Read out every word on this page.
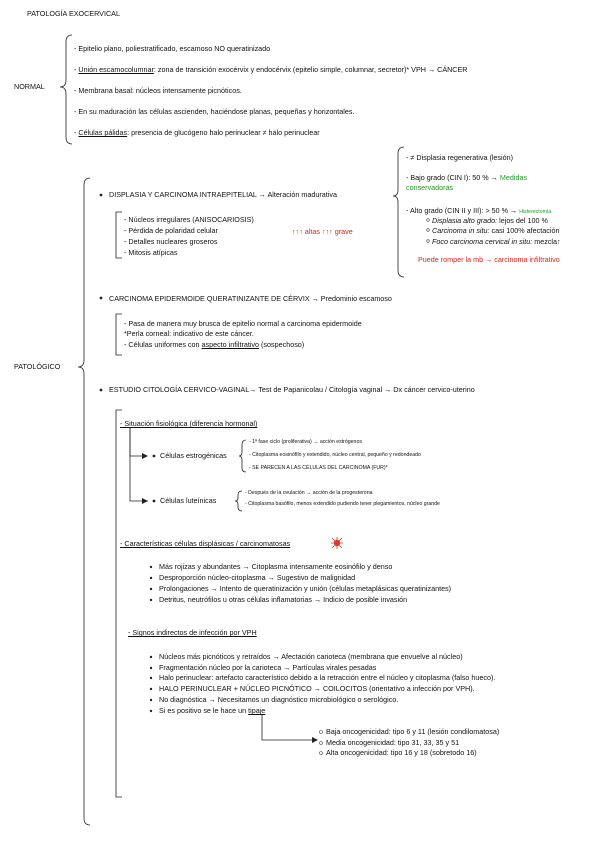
PATOLOGÍA EXOCERVICAL
NORMAL
- Epitelio plano, poliestratificado, escamoso NO queratinizado
- Unión escamocolumnar: zona de transición exocérvix y endocérvix (epitelio simple, columnar, secretor)* VPH → CÁNCER
- Membrana basal: núcleos intensamente picnóticos.
- En su maduración las células ascienden, haciéndose planas, pequeñas y horizontales.
- Células pálidas: presencia de glucógeno halo perinuclear ≠ halo perinuclear
PATOLÓGICO
DISPLASIA Y CARCINOMA INTRAEPITELIAL → Alteración madurativa
- Núcleos irregulares (ANISOCARIOSIS)
- Pérdida de polaridad celular
- Detalles nucleares groseros
- Mitosis atípicas
↑↑↑ altas ↑↑↑ grave
- ≠ Displasia regenerativa (lesión)
- Bajo grado (CIN I): 50 % → Medidas
conservadoras
- Alto grado (CIN II y III): > 50 % → Histerectomía
Displasia alto grado: lejos del 100 %
Carcinoma in situ: casi 100% afectación
Foco carcinoma cervical in situ: mezcla↑
Puede romper la mb → carcinoma infiltrativo
CARCINOMA EPIDERMOIDE QUERATINIZANTE DE CÉRVIX → Predominio escamoso
- Pasa de manera muy brusca de epitelio normal a carcinoma epidermoide
*Perla corneal: indicativo de este cáncer.
- Células uniformes con aspecto infiltrativo (sospechoso)
ESTUDIO CITOLOGÍA CERVICO-VAGINAL→ Test de Papanicolau / Citología vaginal → Dx cáncer cervico-uterino
- Situación fisiológica (diferencia hormonal)
Células estrogénicas
- 1ª fase ciclo (proliferativa) → acción estrógenos
- Citoplasma eosinófilo y extendido, núcleo central, pequeño y redondeado
- SE PARECEN A LAS CÉLULAS DEL CARCINOMA (FUR)*
Células luteínicas
- Después de la ovulación → acción de la progesterona
- Citoplasma basófilo, menos extendido pudiendo tener plegamientos, núcleo grande
- Características células displásicas / carcinomatosas
Más rojizas y abundantes → Citoplasma intensamente eosinófilo y denso
Desproporción núcleo-citoplasma → Sugestivo de malignidad
Prolongaciones → Intento de queratinización y unión (células metaplásicas queratinizantes)
Detritus, neutrófilos u otras células inflamatorias → Indicio de posible invasión
- Signos indirectos de infección por VPH
Núcleos más picnóticos y retraídos → Afectación carioteca (membrana que envuelve al núcleo)
Fragmentación núcleo por la carioteca → Partículas virales pesadas
Halo perinuclear: artefacto característico debido a la retracción entre el núcleo y citoplasma (falso hueco).
HALO PERINUCLEAR + NÚCLEO PICNÓTICO → COILOCITOS (orientativo a infección por VPH).
No diagnóstica → Necesitamos un diagnóstico microbiológico o serológico.
Si es positivo se le hace un tipaje
Baja oncogenicidad: tipo 6 y 11 (lesión condilomatosa)
Media oncogenicidad: tipo 31, 33, 35 y 51
Alta oncogenicidad: tipo 16 y 18 (sobretodo 16)
